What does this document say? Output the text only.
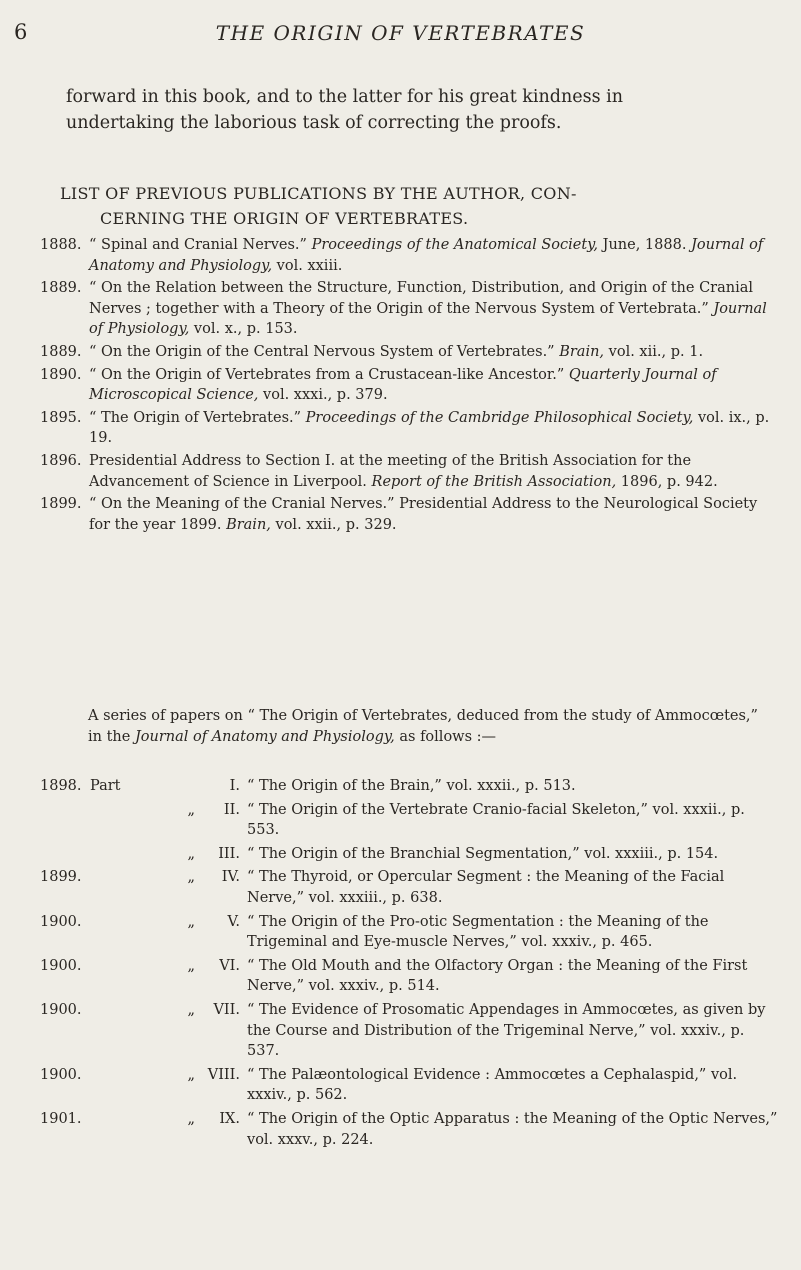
6	THE ORIGIN OF VERTEBRATES

forward in this book, and to the latter for his great kindness in

undertaking the laborious task of correcting the proofs.

LIST OF PREVIOUS PUBLICATIONS BY THE AUTHOR, CON-
CERNING THE ORIGIN OF VERTEBRATES.
1888. “ Spinal and Cranial Nerves.” Proceedings of the Anatomical Society, June, 1888. Journal of Anatomy and Physiology, vol. xxiii.
1889. “ On the Relation between the Structure, Function, Distribution, and Origin of the Cranial Nerves ; together with a Theory of the Origin of the Nervous System of Vertebrata.” Journal of Physiology, vol. x., p. 153.
1889. “ On the Origin of the Central Nervous System of Vertebrates.” Brain, vol. xii., p. 1.
1890. “ On the Origin of Vertebrates from a Crustacean-like Ancestor.” Quarterly Journal of Microscopical Science, vol. xxxi., p. 379.
1895. “ The Origin of Vertebrates.” Proceedings of the Cambridge Philosophical Society, vol. ix., p. 19.
1896. Presidential Address to Section I. at the meeting of the British Association for the Advancement of Science in Liverpool. Report of the British Association, 1896, p. 942.
1899. “ On the Meaning of the Cranial Nerves.” Presidential Address to the Neurological Society for the year 1899. Brain, vol. xxii., p. 329.
A series of papers on “ The Origin of Vertebrates, deduced from the study of Ammocœtes,” in the Journal of Anatomy and Physiology, as follows :—
1898. Part	I. “ The Origin of the Brain,” vol. xxxii., p. 513.
„	II. “ The Origin of the Vertebrate Cranio-facial Skeleton,” vol. xxxii., p. 553.
„	III. “ The Origin of the Branchial Segmentation,” vol. xxxiii., p. 154.
1899.	„	IV. “ The Thyroid, or Opercular Segment : the Meaning of the Facial Nerve,” vol. xxxiii., p. 638.
1900.	„	V. “ The Origin of the Pro-otic Segmentation : the Meaning of the Trigeminal and Eye-muscle Nerves,” vol. xxxiv., p. 465.
1900.	„	VI. “ The Old Mouth and the Olfactory Organ : the Meaning of the First Nerve,” vol. xxxiv., p. 514.
1900.	„	VII. “ The Evidence of Prosomatic Appendages in Ammocœtes, as given by the Course and Distribution of the Trigeminal Nerve,” vol. xxxiv., p. 537.
1900.	„ VIII. “ The Palæontological Evidence : Ammocœtes a Cephalaspid,” vol. xxxiv., p. 562.
1901.	„	IX. “ The Origin of the Optic Apparatus : the Meaning of the Optic Nerves,” vol. xxxv., p. 224.
